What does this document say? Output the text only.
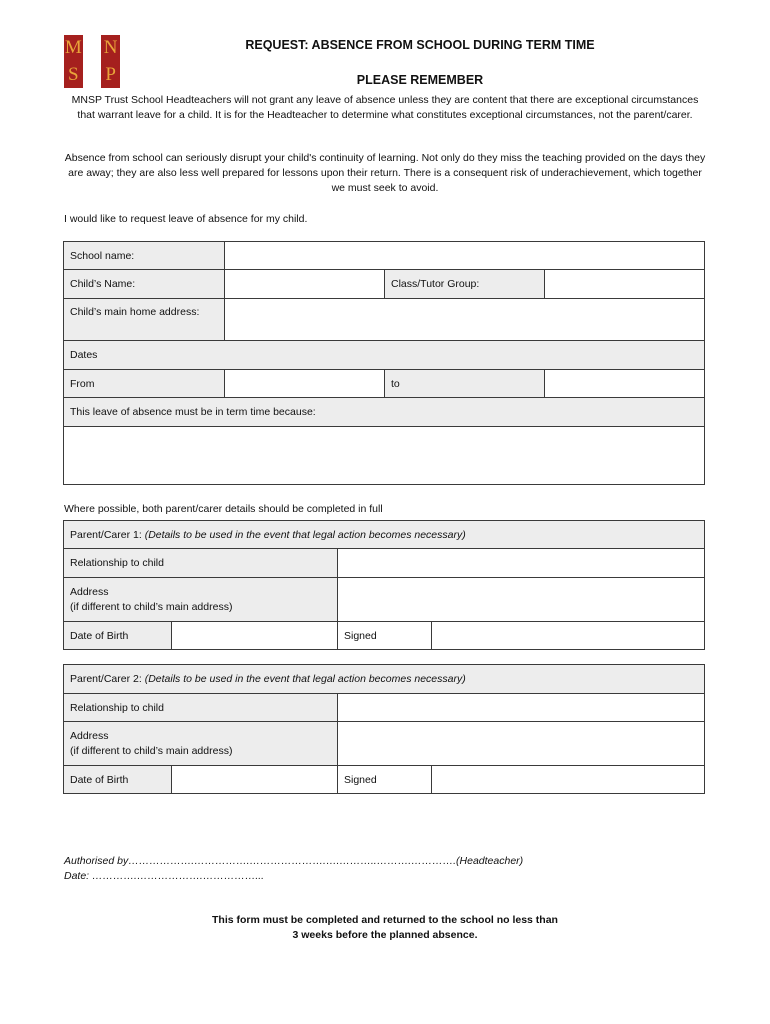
M N
S P
REQUEST: ABSENCE FROM SCHOOL DURING TERM TIME
PLEASE REMEMBER
MNSP Trust School Headteachers will not grant any leave of absence unless they are content that there are exceptional circumstances that warrant leave for a child. It is for the Headteacher to determine what constitutes exceptional circumstances, not the parent/carer.
Absence from school can seriously disrupt your child's continuity of learning. Not only do they miss the teaching provided on the days they are away; they are also less well prepared for lessons upon their return. There is a consequent risk of underachievement, which together we must seek to avoid.
I would like to request leave of absence for my child.
School name:			
Child’s Name:		Class/Tutor Group:	
Child’s main home address:			
Dates			
From		to	
This leave of absence must be in term time because:			

Where possible, both parent/carer details should be completed in full
Parent/Carer 1: (Details to be used in the event that legal action becomes necessary)			
Relationship to child			

Address
(if different to child’s main address)			

Date of Birth		Signed	
Parent/Carer 2: (Details to be used in the event that legal action becomes necessary)			
Relationship to child			

Address
(if different to child’s main address)			

Date of Birth		Signed	
Authorised by……………….…………….………………….….………..……….………….(Headteacher)
Date: ………….……………….……………...
This form must be completed and returned to the school no less than
3 weeks before the planned absence.
